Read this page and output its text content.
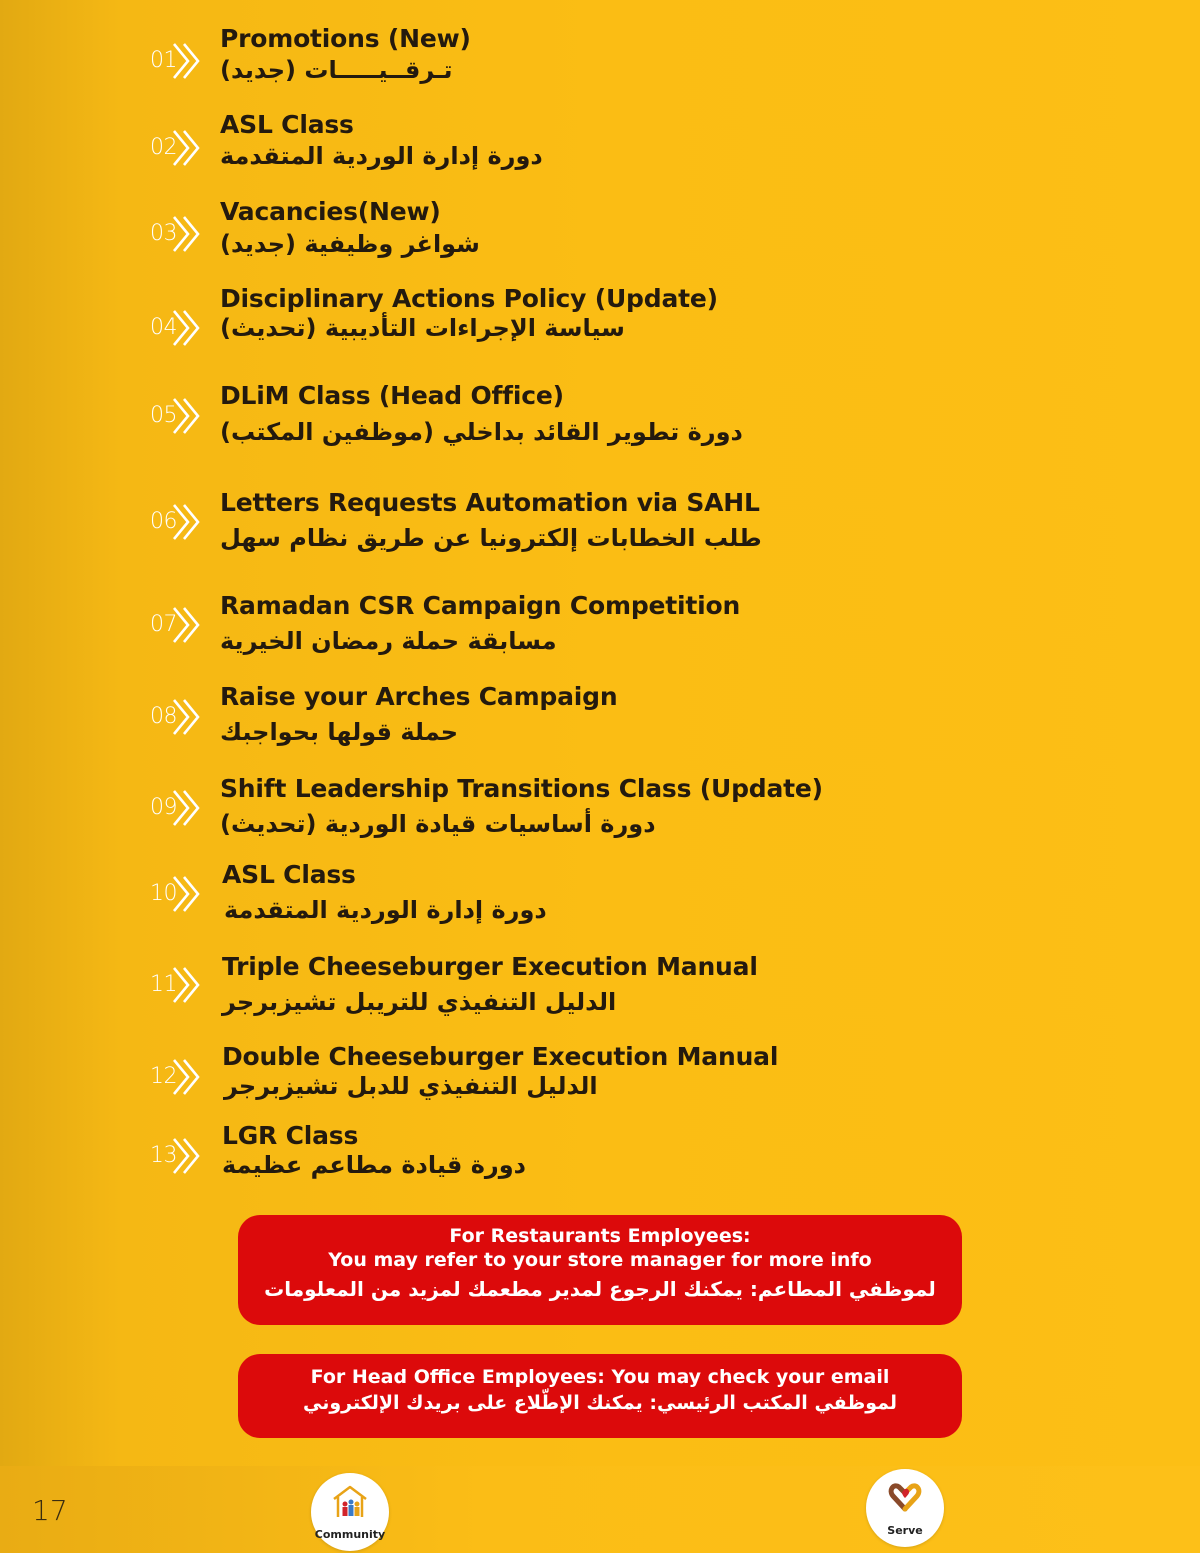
01
Promotions (New)
تـرقــيـــــات (جديد)
02
ASL Class
دورة إدارة الوردية المتقدمة
03
Vacancies(New)
شواغر وظيفية (جديد)
04
Disciplinary Actions Policy (Update)
سياسة الإجراءات التأديبية (تحديث)
05
DLiM Class (Head Office)
دورة تطوير القائد بداخلي (موظفين المكتب)
06
Letters Requests Automation via SAHL
طلب الخطابات إلكترونيا عن طريق نظام سهل
07
Ramadan CSR Campaign Competition
مسابقة حملة رمضان الخيرية
08
Raise your Arches Campaign
حملة قولها بحواجبك
09
Shift Leadership Transitions Class (Update)
دورة أساسيات قيادة الوردية (تحديث)
10
ASL Class
دورة إدارة الوردية المتقدمة
11
Triple Cheeseburger Execution Manual
الدليل التنفيذي للتريبل تشيزبرجر
12
Double Cheeseburger Execution Manual
الدليل التنفيذي للدبل تشيزبرجر
13
LGR Class
دورة قيادة مطاعم عظيمة
For Restaurants Employees:
You may refer to your store manager for more info
لموظفي المطاعم: يمكنك الرجوع لمدير مطعمك لمزيد من المعلومات
For Head Office Employees: You may check your email
لموظفي المكتب الرئيسي: يمكنك الإطّلاع على بريدك الإلكتروني
17
Community	Serve
